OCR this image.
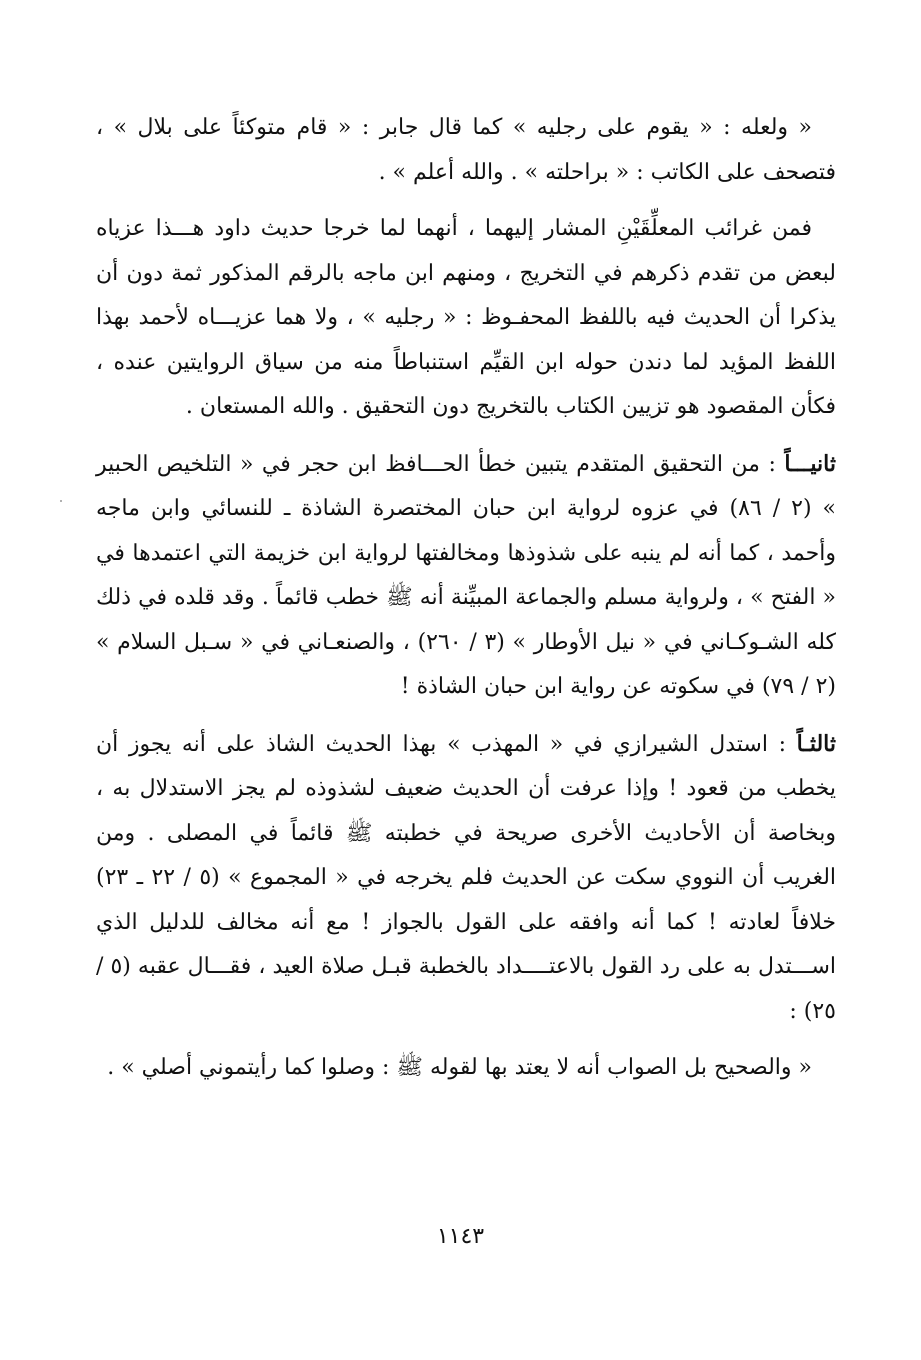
« ولعله : « يقوم على رجليه » كما قال جابر : « قام متوكئاً على بلال » ، فتصحف على الكاتب : « براحلته » . والله أعلم » .

فمن غرائب المعلِّقَيْنِ المشار إليهما ، أنهما لما خرجا حديث داود هـــذا عزياه لبعض من تقدم ذكرهم في التخريج ، ومنهم ابن ماجه بالرقم المذكور ثمة دون أن يذكرا أن الحديث فيه باللفظ المحفـوظ : « رجليه » ، ولا هما عزيـــاه لأحمد بهذا اللفظ المؤيد لما دندن حوله ابن القيِّم استنباطاً منه من سياق الروايتين عنده ، فكأن المقصود هو تزيين الكتاب بالتخريج دون التحقيق . والله المستعان .

ثانيـــاً : من التحقيق المتقدم يتبين خطأ الحـــافظ ابن حجر في « التلخيص الحبير » (٢ / ٨٦) في عزوه لرواية ابن حبان المختصرة الشاذة ـ للنسائي وابن ماجه وأحمد ، كما أنه لم ينبه على شذوذها ومخالفتها لرواية ابن خزيمة التي اعتمدها في « الفتح » ، ولرواية مسلم والجماعة المبيِّنة أنه ﷺ خطب قائماً . وقد قلده في ذلك كله الشـوكـاني في « نيل الأوطار » (٣ / ٢٦٠) ، والصنعـاني في « سـبل السلام » (٢ / ٧٩) في سكوته عن رواية ابن حبان الشاذة !

ثالثـاً : استدل الشيرازي في « المهذب » بهذا الحديث الشاذ على أنه يجوز أن يخطب من قعود ! وإذا عرفت أن الحديث ضعيف لشذوذه لم يجز الاستدلال به ، وبخاصة أن الأحاديث الأخرى صريحة في خطبته ﷺ قائماً في المصلى . ومن الغريب أن النووي سكت عن الحديث فلم يخرجه في « المجموع » (٥ / ٢٢ ـ ٢٣) خلافاً لعادته ! كما أنه وافقه على القول بالجواز ! مع أنه مخالف للدليل الذي اســـتدل به على رد القول بالاعتــــداد بالخطبة قبـل صلاة العيد ، فقـــال عقبه (٥ / ٢٥) :

« والصحيح بل الصواب أنه لا يعتد بها لقوله ﷺ : وصلوا كما رأيتموني أصلي » .

١١٤٣
